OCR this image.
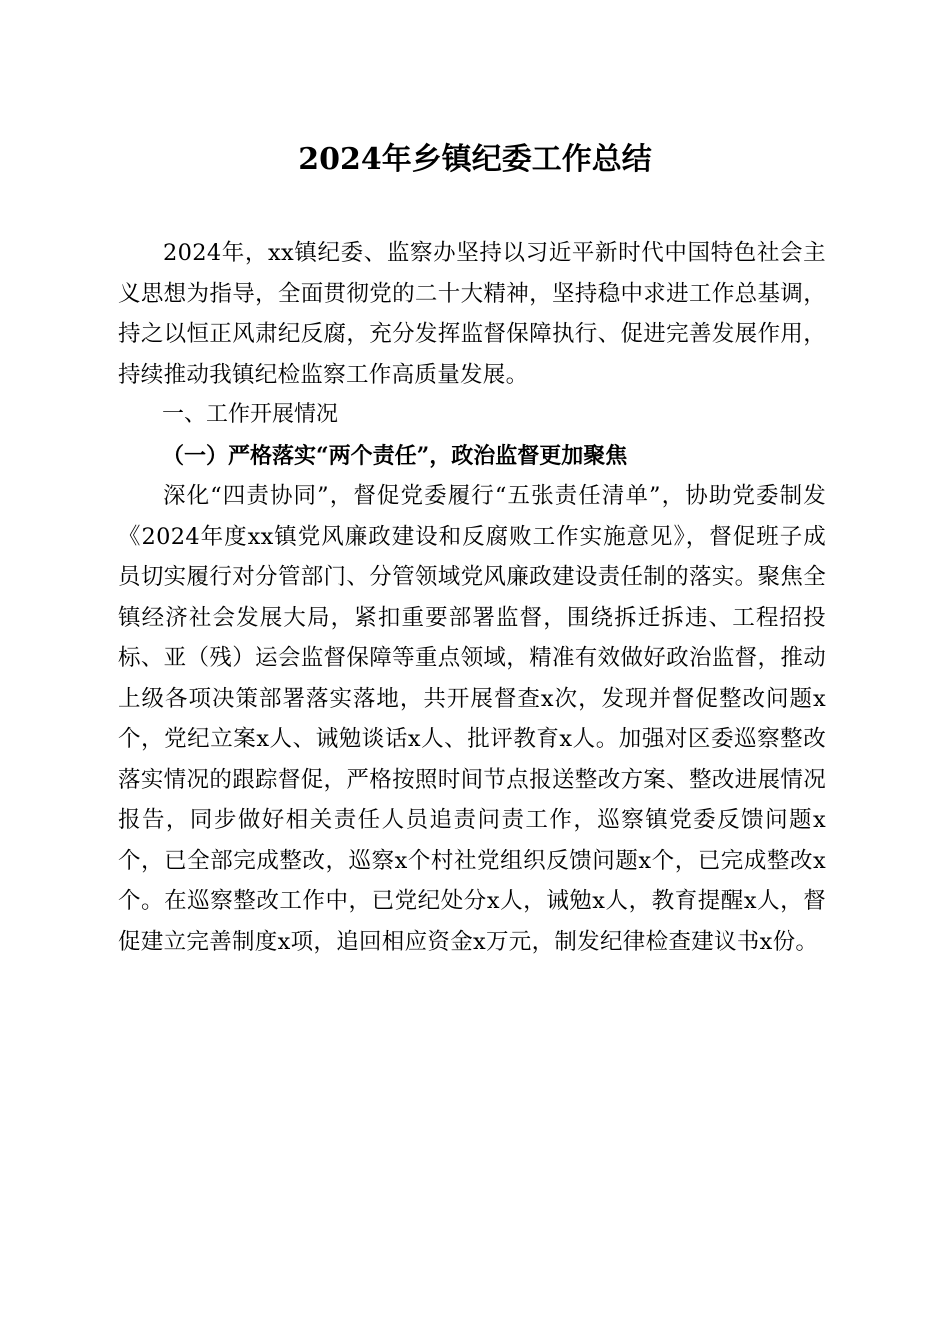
2024年乡镇纪委工作总结

2024年，xx镇纪委、监察办坚持以习近平新时代中国特色社会主义思想为指导，全面贯彻党的二十大精神，坚持稳中求进工作总基调，持之以恒正风肃纪反腐，充分发挥监督保障执行、促进完善发展作用，持续推动我镇纪检监察工作高质量发展。

一、工作开展情况

（一）严格落实“两个责任”，政治监督更加聚焦

深化“四责协同”，督促党委履行“五张责任清单”，协助党委制发《2024年度xx镇党风廉政建设和反腐败工作实施意见》，督促班子成员切实履行对分管部门、分管领域党风廉政建设责任制的落实。聚焦全镇经济社会发展大局，紧扣重要部署监督，围绕拆迁拆违、工程招投标、亚（残）运会监督保障等重点领域，精准有效做好政治监督，推动上级各项决策部署落实落地，共开展督查x次，发现并督促整改问题x个，党纪立案x人、诫勉谈话x人、批评教育x人。加强对区委巡察整改落实情况的跟踪督促，严格按照时间节点报送整改方案、整改进展情况报告，同步做好相关责任人员追责问责工作，巡察镇党委反馈问题x个，已全部完成整改，巡察x个村社党组织反馈问题x个，已完成整改x个。在巡察整改工作中，已党纪处分x人，诫勉x人，教育提醒x人，督促建立完善制度x项，追回相应资金x万元，制发纪律检查建议书x份。
